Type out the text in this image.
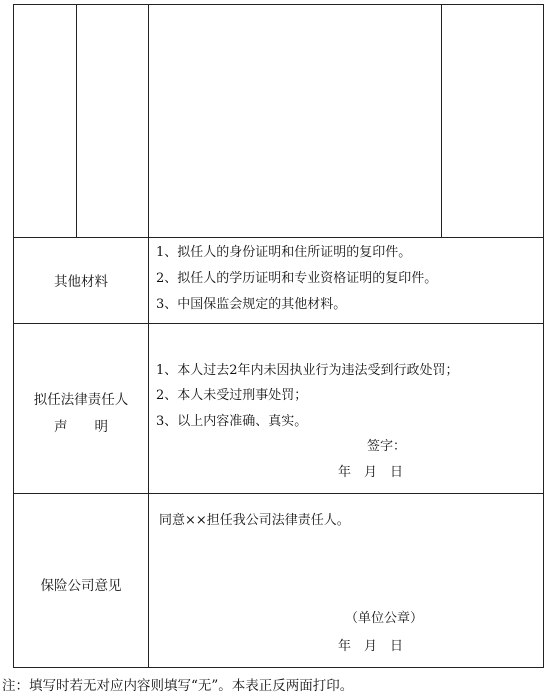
其他材料
1、拟任人的身份证明和住所证明的复印件。
2、拟任人的学历证明和专业资格证明的复印件。
3、中国保监会规定的其他材料。
拟任法律责任人
声　　明
1、本人过去2年内未因执业行为违法受到行政处罚；
2、本人未受过刑事处罚；
3、以上内容准确、真实。
签字：
年　月　日
保险公司意见
同意××担任我公司法律责任人。
（单位公章）
年　月　日
注：填写时若无对应内容则填写“无”。本表正反两面打印。
